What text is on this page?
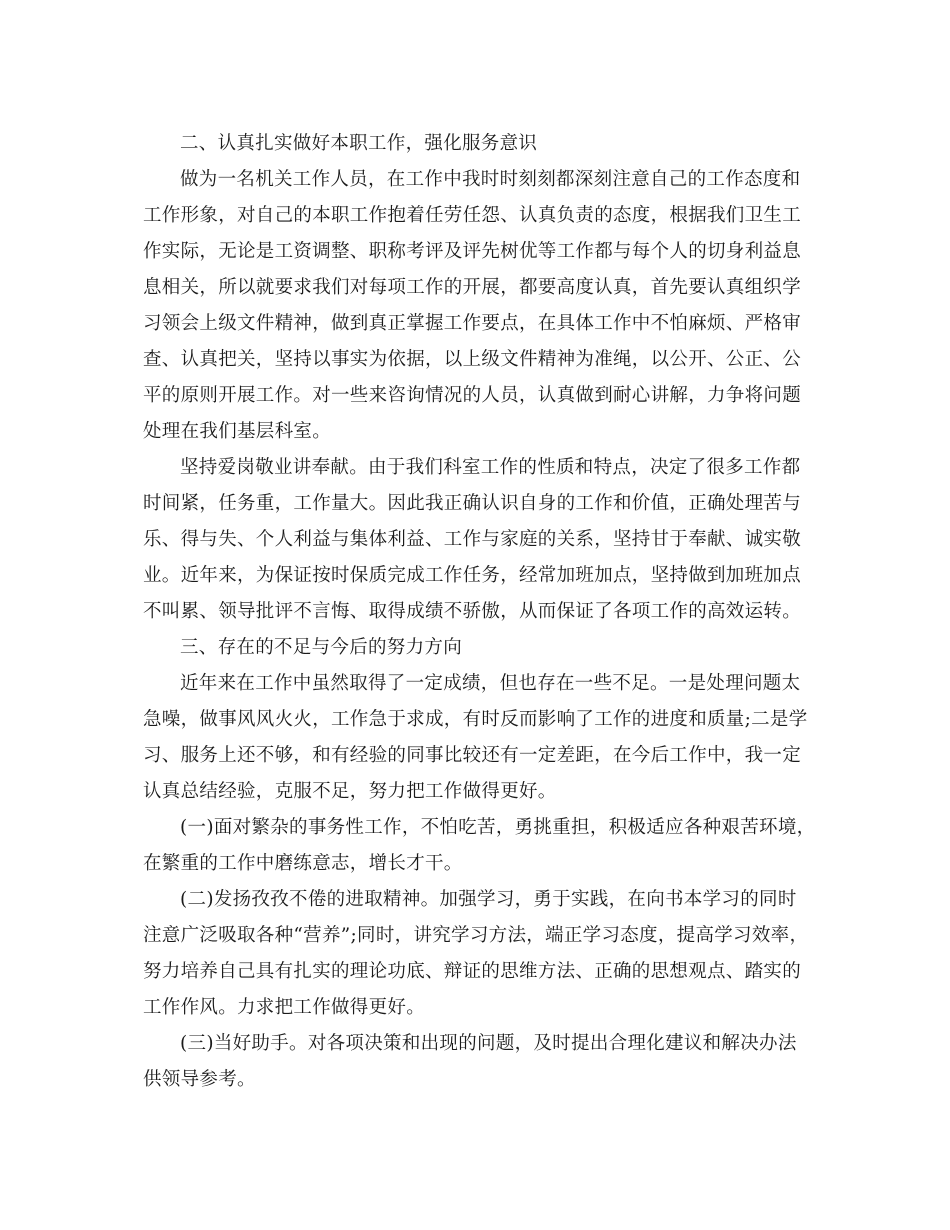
二、认真扎实做好本职工作，强化服务意识
做为一名机关工作人员，在工作中我时时刻刻都深刻注意自己的工作态度和
工作形象，对自己的本职工作抱着任劳任怨、认真负责的态度，根据我们卫生工
作实际，无论是工资调整、职称考评及评先树优等工作都与每个人的切身利益息
息相关，所以就要求我们对每项工作的开展，都要高度认真，首先要认真组织学
习领会上级文件精神，做到真正掌握工作要点，在具体工作中不怕麻烦、严格审
查、认真把关，坚持以事实为依据，以上级文件精神为准绳，以公开、公正、公
平的原则开展工作。对一些来咨询情况的人员，认真做到耐心讲解，力争将问题
处理在我们基层科室。
坚持爱岗敬业讲奉献。由于我们科室工作的性质和特点，决定了很多工作都
时间紧，任务重，工作量大。因此我正确认识自身的工作和价值，正确处理苦与
乐、得与失、个人利益与集体利益、工作与家庭的关系，坚持甘于奉献、诚实敬
业。近年来，为保证按时保质完成工作任务，经常加班加点，坚持做到加班加点
不叫累、领导批评不言悔、取得成绩不骄傲，从而保证了各项工作的高效运转。
三、存在的不足与今后的努力方向
近年来在工作中虽然取得了一定成绩，但也存在一些不足。一是处理问题太
急噪，做事风风火火，工作急于求成，有时反而影响了工作的进度和质量;二是学
习、服务上还不够，和有经验的同事比较还有一定差距，在今后工作中，我一定
认真总结经验，克服不足，努力把工作做得更好。
(一)面对繁杂的事务性工作，不怕吃苦，勇挑重担，积极适应各种艰苦环境，
在繁重的工作中磨练意志，增长才干。
(二)发扬孜孜不倦的进取精神。加强学习，勇于实践，在向书本学习的同时
注意广泛吸取各种“营养”;同时，讲究学习方法，端正学习态度，提高学习效率，
努力培养自己具有扎实的理论功底、辩证的思维方法、正确的思想观点、踏实的
工作作风。力求把工作做得更好。
(三)当好助手。对各项决策和出现的问题，及时提出合理化建议和解决办法
供领导参考。
